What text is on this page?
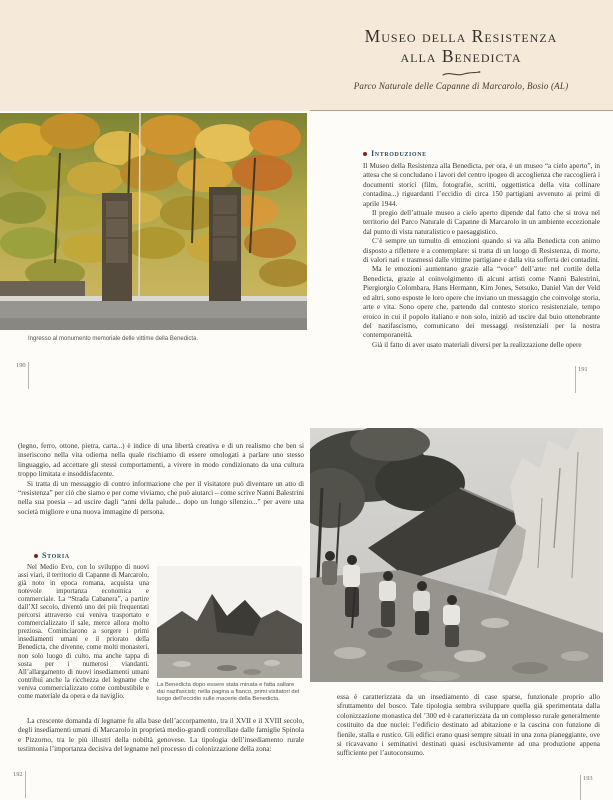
Museo della Resistenza
alla Benedicta
Parco Naturale delle Capanne di Marcarolo, Bosio (AL)
Ingresso al monumento memoriale delle vittime della Benedicta.
190
Introduzione

Il Museo della Resistenza alla Benedicta, per ora, è un museo “a cielo aperto”, in attesa che si concludano i lavori del centro ipogeo di accoglienza che raccoglierà i documenti storici (film, fotografie, scritti, oggettistica della vita collinare contadina...) riguardanti l’eccidio di circa 150 partigiani avvenuto ai primi di aprile 1944.

Il pregio dell’attuale museo a cielo aperto dipende dal fatto che si trova nel territorio del Parco Naturale di Capanne di Marcarolo in un ambiente eccezionale dal punto di vista naturalistico e paesaggistico.

C’è sempre un tumulto di emozioni quando si va alla Benedicta con animo disposto a riflettere e a contemplare: si tratta di un luogo di Resistenza, di morte, di valori nati e trasmessi dalle vittime partigiane e dalla vita sofferta dei contadini.

Ma le emozioni aumentano grazie alla “voce” dell’arte: nel cortile della Benedicta, grazie al coinvolgimento di alcuni artisti come Nanni Balestrini, Piergiorgio Colombara, Hans Hermann, Kim Jones, Setsuko, Daniel Van der Veld ed altri, sono esposte le loro opere che inviano un messaggio che coinvolge storia, arte e vita. Sono opere che, partendo dal contesto storico resistenziale, tempo eroico in cui il popolo italiano e non solo, iniziò ad uscire dal buio ottenebrante del nazifascismo, comunicano dei messaggi resistenziali per la nostra contemporaneità.

Già il fatto di aver usato materiali diversi per la realizzazione delle opere

191

(legno, ferro, ottone, pietra, carta...) è indice di una libertà creativa e di un realismo che ben si inseriscono nella vita odierna nella quale rischiamo di essere omologati a parlare uno stesso linguaggio, ad accettare gli stessi comportamenti, a vivere in modo condizionato da una cultura troppo limitata e insoddisfacente.

Si tratta di un messaggio di contro informazione che per il visitatore può diventare un atto di “resistenza” per ciò che siamo e per come viviamo, che può aiutarci – come scrive Nanni Balestrini nella sua poesia – ad uscire dagli “anni della palude... dopo un lungo silenzio...” per avere una società migliore e una nuova immagine di persona.

Storia

Nel Medio Evo, con lo sviluppo di nuovi assi viari, il territorio di Capanne di Marcarolo, già noto in epoca romana, acquista una notevole importanza economica e commerciale. La “Strada Cabanera”, a partire dall’XI secolo, diventò uno dei più frequentati percorsi attraverso cui veniva trasportato e commercializzato il sale, merce allora molto preziosa. Cominciarono a sorgere i primi insediamenti umani e il priorato della Benedicta, che divenne, come molti monasteri, non solo luogo di culto, ma anche tappa di sosta per i numerosi viandanti. All’allargamento di nuovi insediamenti umani contribuì anche la ricchezza del legname che veniva commercializzato come combustibile e come materiale da opera e da naviglio.

La Benedicta dopo essere stata minata e fatta saltare dai nazifascisti; nella pagina a fianco, primi visitatori del luogo dell’eccidio sulle macerie della Benedicta.

La crescente domanda di legname fu alla base dell’accorpamento, tra il XVII e il XVIII secolo, degli insediamenti umani di Marcarolo in proprietà medio-grandi controllate dalle famiglie Spinola e Pizzorno, tra le più illustri della nobiltà genovese. La tipologia dell’insediamento rurale testimonia l’importanza decisiva del legname nel processo di colonizzazione della zona:

192

essa è caratterizzata da un insediamento di case sparse, funzionale proprio allo sfruttamento del bosco. Tale tipologia sembra sviluppare quella già sperimentata dalla colonizzazione monastica del ’300 ed è caratterizzata da un complesso rurale generalmente costituito da due nuclei: l’edificio destinato ad abitazione e la cascina con funzione di fienile, stalla e rustico. Gli edifici erano quasi sempre situati in una zona pianeggiante, ove si ricavavano i seminativi destinati quasi esclusivamente ad una produzione appena sufficiente per l’autoconsumo.

193
